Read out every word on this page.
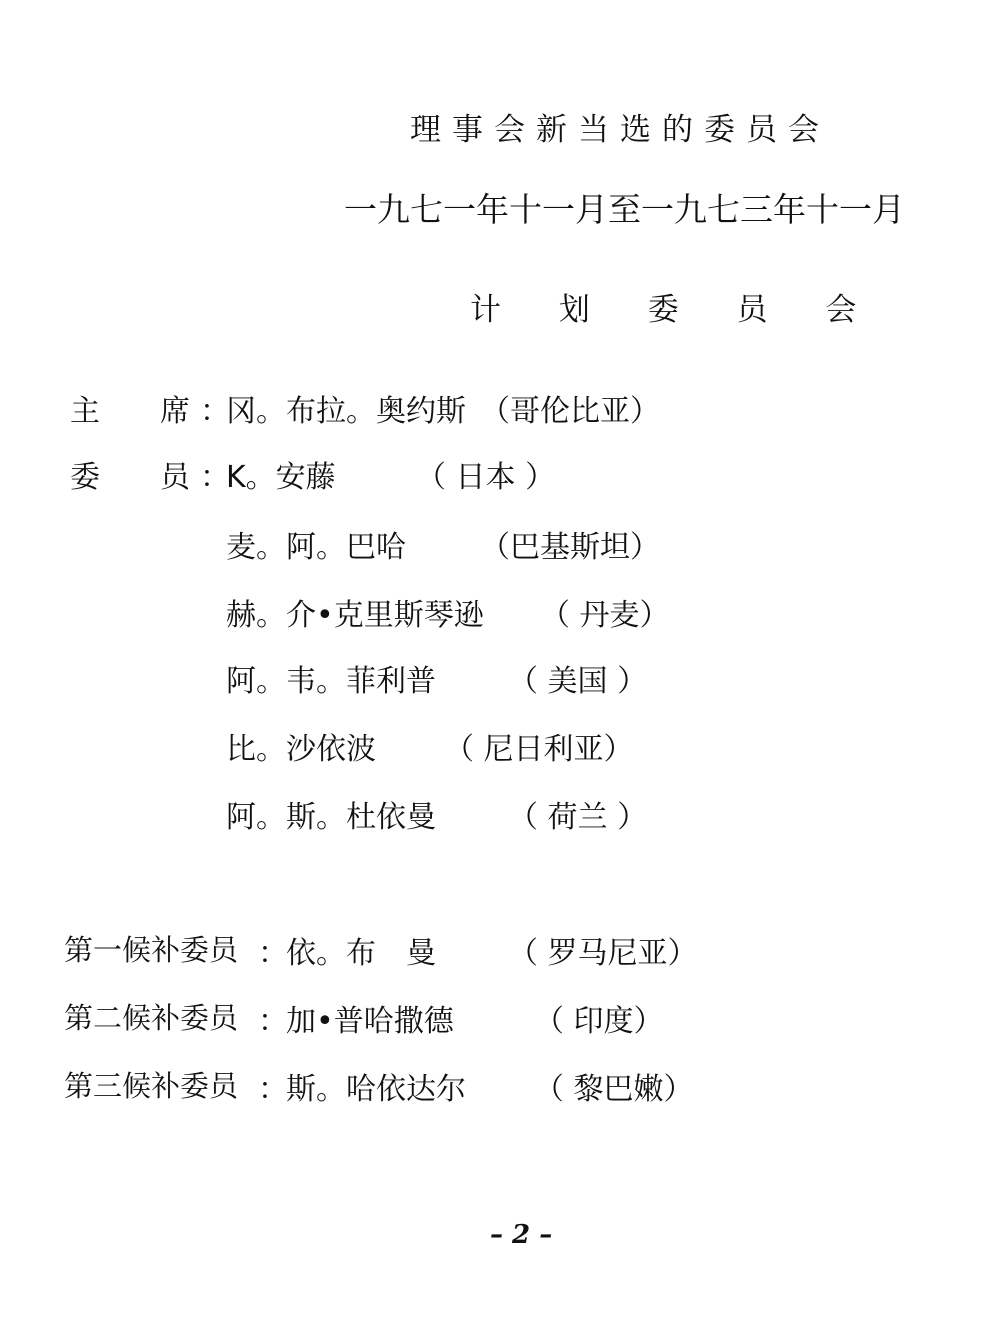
理事会新当选的委员会
一九七一年十一月至一九七三年十一月
计 划 委 员 会
主 席 ：
冈。布拉。奥约斯 （哥伦比亚）
委 员 ：
K。安藤	（ 日本 ）
麦。阿。巴哈 （巴基斯坦）
赫。介•克里斯琴逊 （ 丹麦）
阿。韦。菲利普 （ 美国 ）
比。沙依波 （ 尼日利亚）
阿。斯。杜依曼 （ 荷兰 ）
第一候补委员 ：
依。布　曼 （ 罗马尼亚）
第二候补委员 ：
加•普哈撒德	（ 印度）
第三候补委员 ：
斯。哈依达尔 （ 黎巴嫩）
– 2 –
